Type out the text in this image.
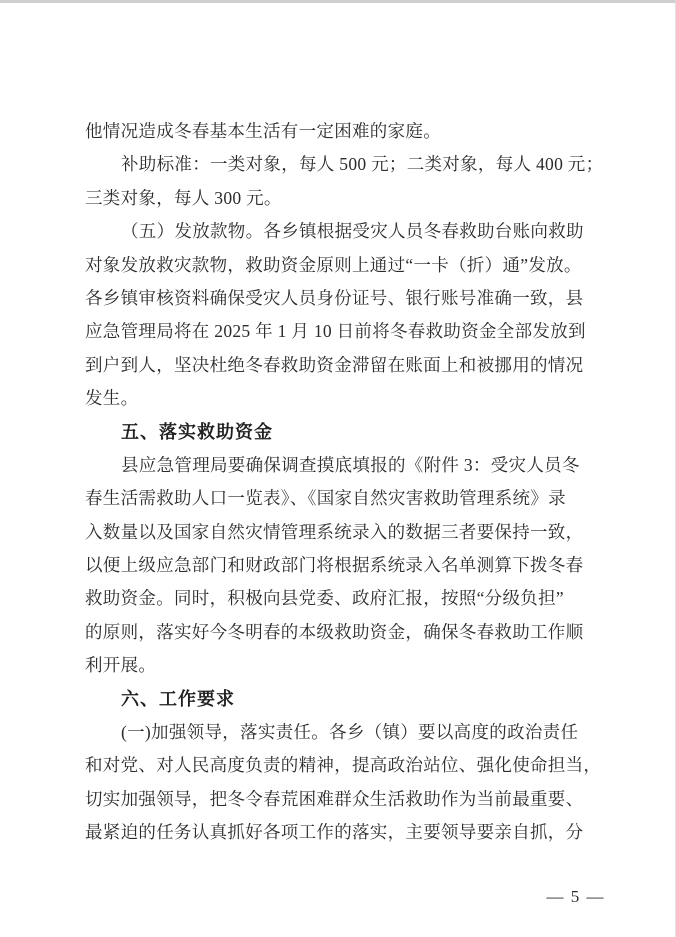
他情况造成冬春基本生活有一定困难的家庭。
补助标准：一类对象，每人 500 元；二类对象，每人 400 元；
三类对象，每人 300 元。
（五）发放款物。各乡镇根据受灾人员冬春救助台账向救助
对象发放救灾款物，救助资金原则上通过“一卡（折）通”发放。
各乡镇审核资料确保受灾人员身份证号、银行账号准确一致，县
应急管理局将在 2025 年 1 月 10 日前将冬春救助资金全部发放到
到户到人，坚决杜绝冬春救助资金滞留在账面上和被挪用的情况
发生。
五、落实救助资金
县应急管理局要确保调查摸底填报的《附件 3：受灾人员冬
春生活需救助人口一览表》、《国家自然灾害救助管理系统》录
入数量以及国家自然灾情管理系统录入的数据三者要保持一致，
以便上级应急部门和财政部门将根据系统录入名单测算下拨冬春
救助资金。同时，积极向县党委、政府汇报，按照“分级负担”
的原则，落实好今冬明春的本级救助资金，确保冬春救助工作顺
利开展。
六、工作要求
(一)加强领导，落实责任。各乡（镇）要以高度的政治责任
和对党、对人民高度负责的精神，提高政治站位、强化使命担当，
切实加强领导，把冬令春荒困难群众生活救助作为当前最重要、
最紧迫的任务认真抓好各项工作的落实，主要领导要亲自抓，分
— 5 —
